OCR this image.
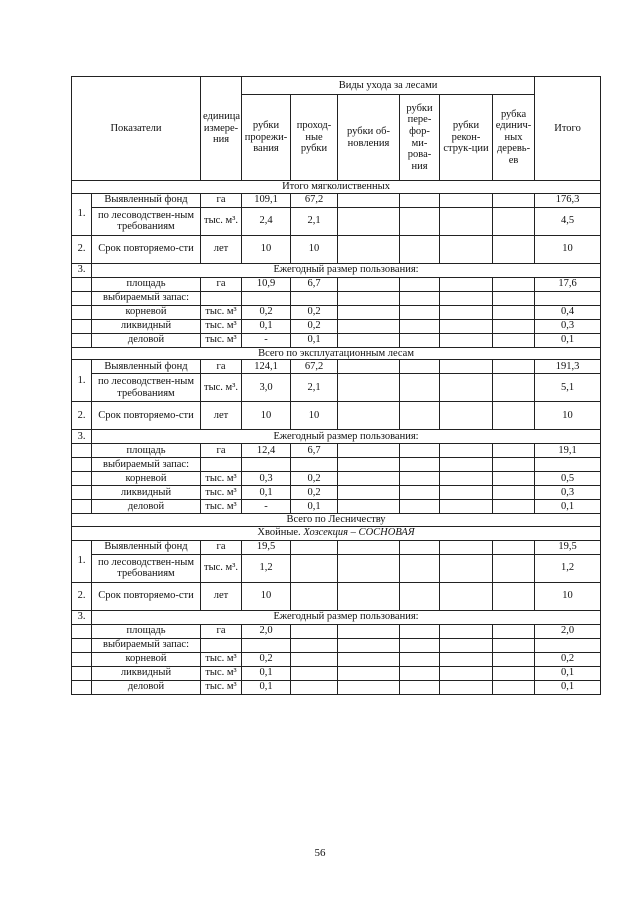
Показатели		единица измере-ния	Виды ухода за лесами						Итого
			рубки прорежи-вания	проход-ные рубки	рубки об-новления	рубки пере-фор-ми-рова-ния	рубки рекон-струк-ции	рубка единич-ных деревь-ев	
Итого мягколиственных									
1.	Выявленный фонд	га	109,1	67,2					176,3
	по лесоводствен-ным требованиям	тыс. м³.	2,4	2,1					4,5
2.	Срок повторяемо-сти	лет	10	10					10
3.	Ежегодный размер пользования:								
	площадь	га	10,9	6,7					17,6
	выбираемый запас:								
	корневой	тыс. м³	0,2	0,2					0,4
	ликвидный	тыс. м³	0,1	0,2					0,3
	деловой	тыс. м³	-	0,1					0,1
Всего по эксплуатационным лесам									
1.	Выявленный фонд	га	124,1	67,2					191,3
	по лесоводствен-ным требованиям	тыс. м³.	3,0	2,1					5,1
2.	Срок повторяемо-сти	лет	10	10					10
3.	Ежегодный размер пользования:								
	площадь	га	12,4	6,7					19,1
	выбираемый запас:								
	корневой	тыс. м³	0,3	0,2					0,5
	ликвидный	тыс. м³	0,1	0,2					0,3
	деловой	тыс. м³	-	0,1					0,1
Всего по Лесничеству									
Хвойные. Хозсекция – СОСНОВАЯ									
1.	Выявленный фонд	га	19,5						19,5
	по лесоводствен-ным требованиям	тыс. м³.	1,2						1,2
2.	Срок повторяемо-сти	лет	10						10
3.	Ежегодный размер пользования:								
	площадь	га	2,0						2,0
	выбираемый запас:								
	корневой	тыс. м³	0,2						0,2
	ликвидный	тыс. м³	0,1						0,1
	деловой	тыс. м³	0,1						0,1
56
